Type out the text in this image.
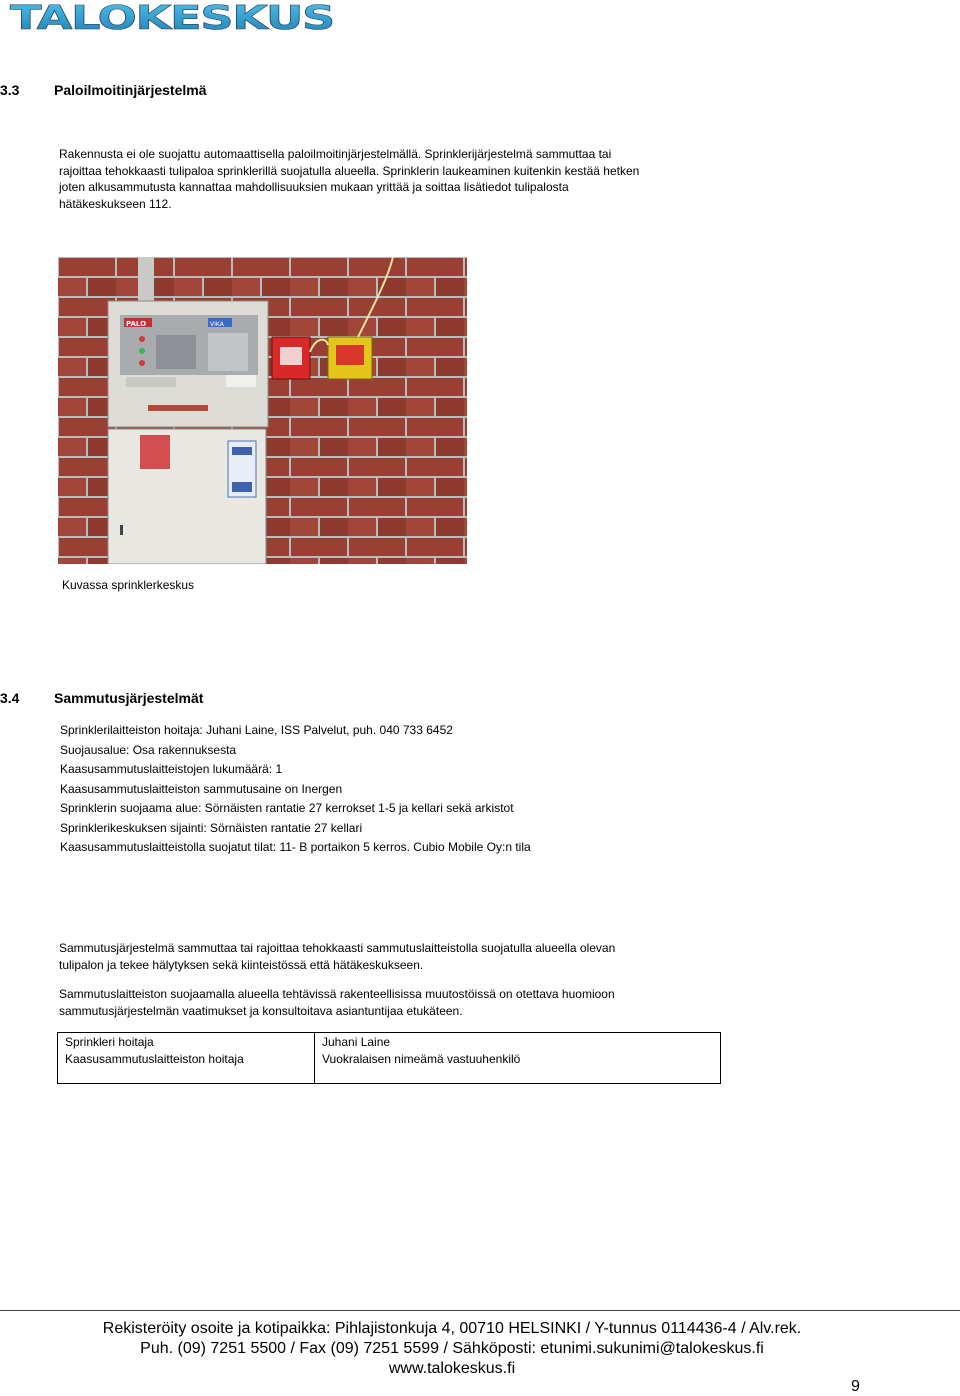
TALOKESKUS
3.3 Paloilmoitinjärjestelmä

Rakennusta ei ole suojattu automaattisella paloilmoitinjärjestelmällä. Sprinklerijärjestelmä sammuttaa tai

rajoittaa tehokkaasti tulipaloa sprinklerillä suojatulla alueella. Sprinklerin laukeaminen kuitenkin kestää hetken

joten alkusammutusta kannattaa mahdollisuuksien mukaan yrittää ja soittaa lisätiedot tulipalosta

hätäkeskukseen 112.

PALO	VIKA
Kuvassa sprinklerkeskus
3.4 Sammutusjärjestelmät
Sprinklerilaitteiston hoitaja: Juhani Laine, ISS Palvelut, puh. 040 733 6452
Suojausalue: Osa rakennuksesta
Kaasusammutuslaitteistojen lukumäärä: 1
Kaasusammutuslaitteiston sammutusaine on Inergen
Sprinklerin suojaama alue: Sörnäisten rantatie 27 kerrokset 1-5 ja kellari sekä arkistot
Sprinklerikeskuksen sijainti: Sörnäisten rantatie 27 kellari
Kaasusammutuslaitteistolla suojatut tilat: 11- B portaikon 5 kerros. Cubio Mobile Oy:n tila

Sammutusjärjestelmä sammuttaa tai rajoittaa tehokkaasti sammutuslaitteistolla suojatulla alueella olevan

tulipalon ja tekee hälytyksen sekä kiinteistössä että hätäkeskukseen.

Sammutuslaitteiston suojaamalla alueella tehtävissä rakenteellisissa muutostöissä on otettava huomioon

sammutusjärjestelmän vaatimukset ja konsultoitava asiantuntijaa etukäteen.

Sprinkleri hoitaja	Juhani Laine
Kaasusammutuslaitteiston hoitaja	Vuokralaisen nimeämä vastuuhenkilö

Rekisteröity osoite ja kotipaikka: Pihlajistonkuja 4, 00710 HELSINKI / Y-tunnus 0114436-4 / Alv.rek.
Puh. (09) 7251 5500 / Fax (09) 7251 5599 / Sähköposti: etunimi.sukunimi@talokeskus.fi
www.talokeskus.fi
9
